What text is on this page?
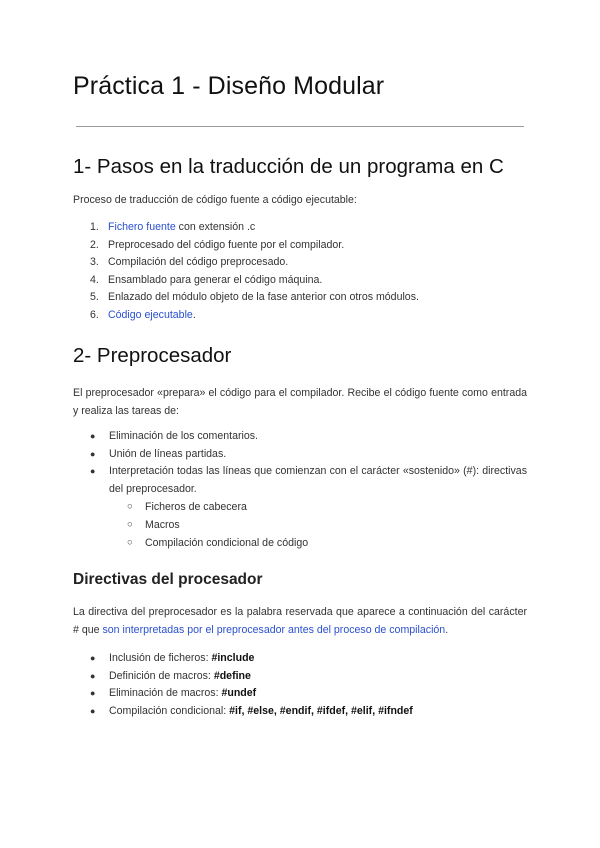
Práctica 1 - Diseño Modular
1- Pasos en la traducción de un programa en C

Proceso de traducción de código fuente a código ejecutable:

1. Fichero fuente con extensión .c
2. Preprocesado del código fuente por el compilador.
3. Compilación del código preprocesado.
4. Ensamblado para generar el código máquina.
5. Enlazado del módulo objeto de la fase anterior con otros módulos.
6. Código ejecutable.
2- Preprocesador

El preprocesador «prepara» el código para el compilador. Recibe el código fuente como entrada y realiza las tareas de:

● Eliminación de los comentarios.
● Unión de líneas partidas.
● Interpretación todas las líneas que comienzan con el carácter «sostenido» (#): directivas del preprocesador.
○ Ficheros de cabecera
○ Macros
○ Compilación condicional de código
Directivas del procesador

La directiva del preprocesador es la palabra reservada que aparece a continuación del carácter # que son interpretadas por el preprocesador antes del proceso de compilación.

● Inclusión de ficheros: #include
● Definición de macros: #define
● Eliminación de macros: #undef
● Compilación condicional: #if, #else, #endif, #ifdef, #elif, #ifndef
